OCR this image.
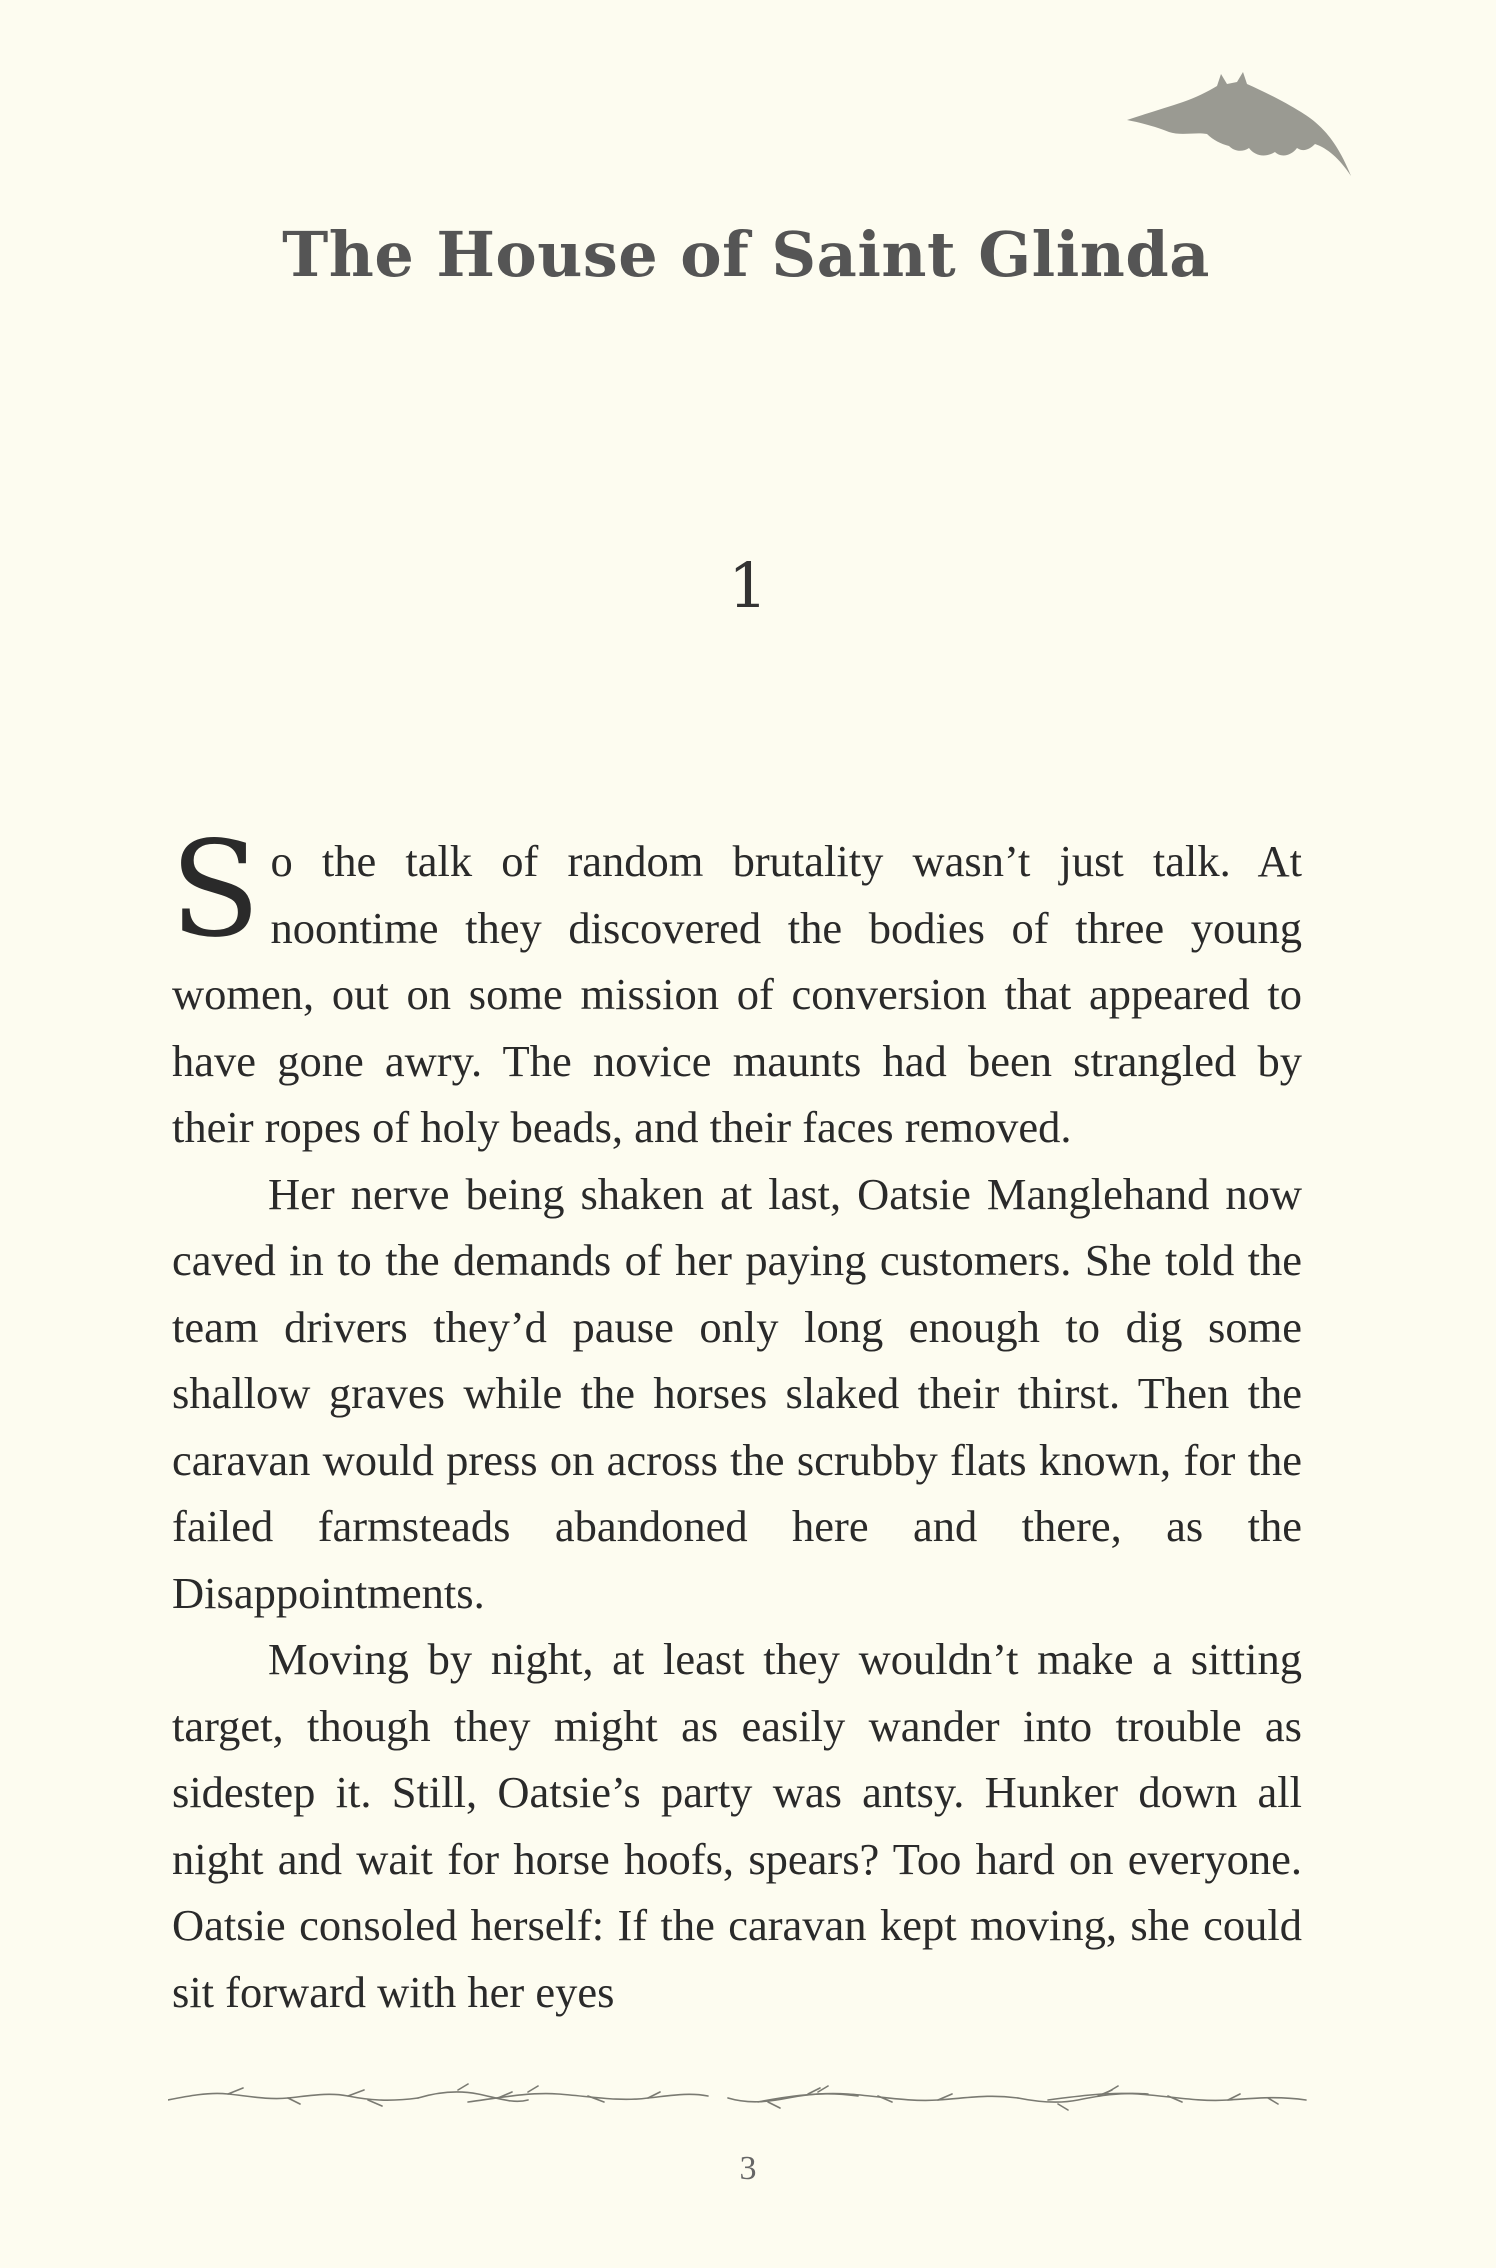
The House of Saint Glinda
1

So the talk of random brutality wasn’t just talk. At noontime they discovered the bodies of three young women, out on some mission of conversion that appeared to have gone awry. The novice maunts had been strangled by their ropes of holy beads, and their faces removed.

Her nerve being shaken at last, Oatsie Manglehand now caved in to the demands of her paying customers. She told the team drivers they’d pause only long enough to dig some shallow graves while the horses slaked their thirst. Then the caravan would press on across the scrubby flats known, for the failed farmsteads abandoned here and there, as the Disappointments.

Moving by night, at least they wouldn’t make a sitting target, though they might as easily wander into trouble as sidestep it. Still, Oatsie’s party was antsy. Hunker down all night and wait for horse hoofs, spears? Too hard on everyone. Oatsie consoled herself: If the caravan kept moving, she could sit forward with her eyes

3
